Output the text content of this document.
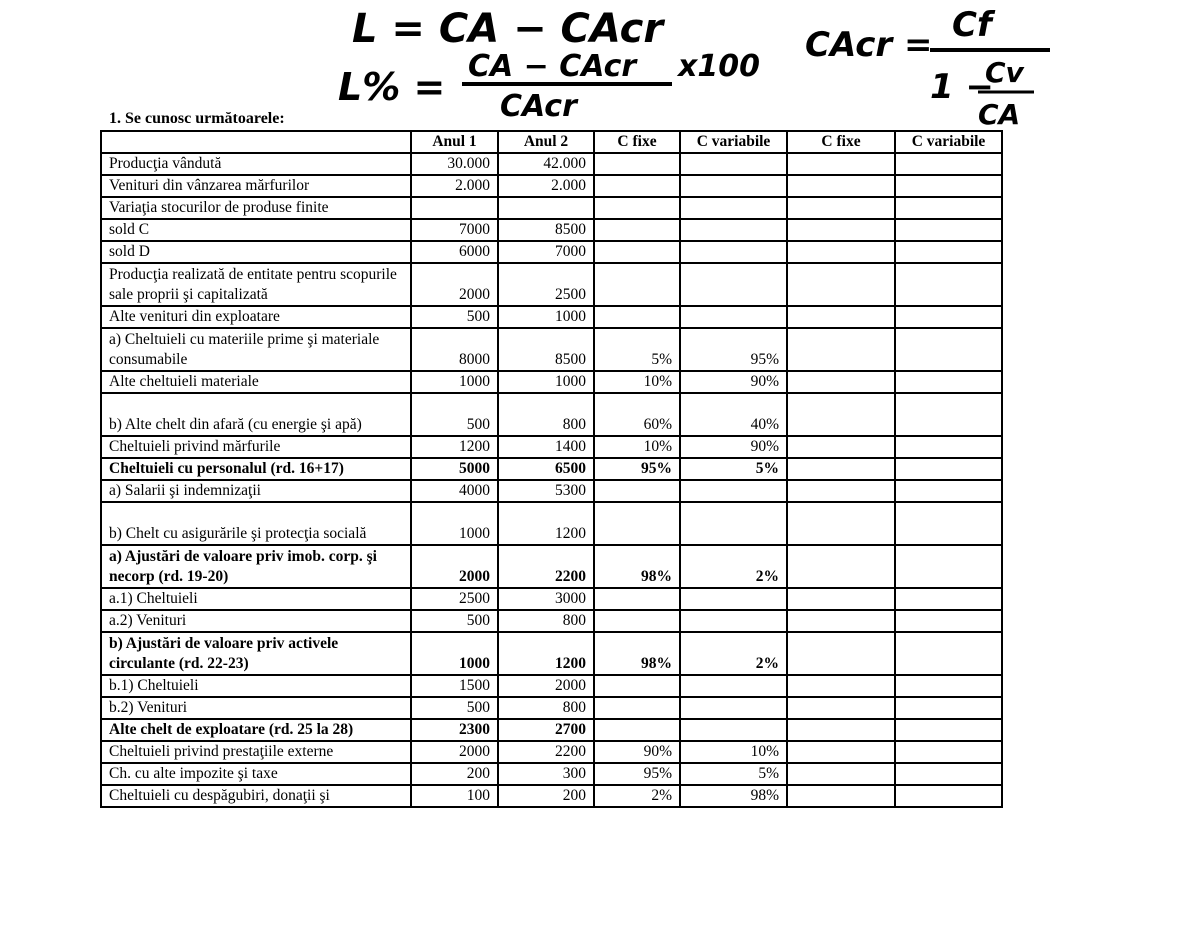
L = CA − CAcr
L% = CA − CAcr
CAcr
x100
CAcr = Cf
1 −
Cv
CA
1. Se cunosc următoarele:
	Anul 1	Anul 2	C fixe	C variabile	C fixe	C variabile
Producţia vândută	30.000	42.000				
Venituri din vânzarea mărfurilor	2.000	2.000				
Variaţia stocurilor de produse finite						
sold C	7000	8500				
sold D	6000	7000				
Producţia realizată de entitate pentru scopurile sale proprii şi capitalizată	2000	2500				
Alte venituri din exploatare	500	1000				
a) Cheltuieli cu materiile prime şi materiale consumabile	8000	8500	5%	95%		
Alte cheltuieli materiale	1000	1000	10%	90%		
b) Alte chelt din afară (cu energie şi apă)	500	800	60%	40%		
Cheltuieli privind mărfurile	1200	1400	10%	90%		
Cheltuieli cu personalul (rd. 16+17)	5000	6500	95%	5%		
a) Salarii şi indemnizaţii	4000	5300				
b) Chelt cu asigurările şi protecţia socială	1000	1200				
a) Ajustări de valoare priv imob. corp. şi necorp (rd. 19-20)	2000	2200	98%	2%		
a.1) Cheltuieli	2500	3000				
a.2) Venituri	500	800				
b) Ajustări de valoare priv activele circulante (rd. 22-23)	1000	1200	98%	2%		
b.1) Cheltuieli	1500	2000				
b.2) Venituri	500	800				
Alte chelt de exploatare (rd. 25 la 28)	2300	2700				
Cheltuieli privind prestaţiile externe	2000	2200	90%	10%		
Ch. cu alte impozite şi taxe	200	300	95%	5%		
Cheltuieli cu despăgubiri, donaţii şi	100	200	2%	98%		
